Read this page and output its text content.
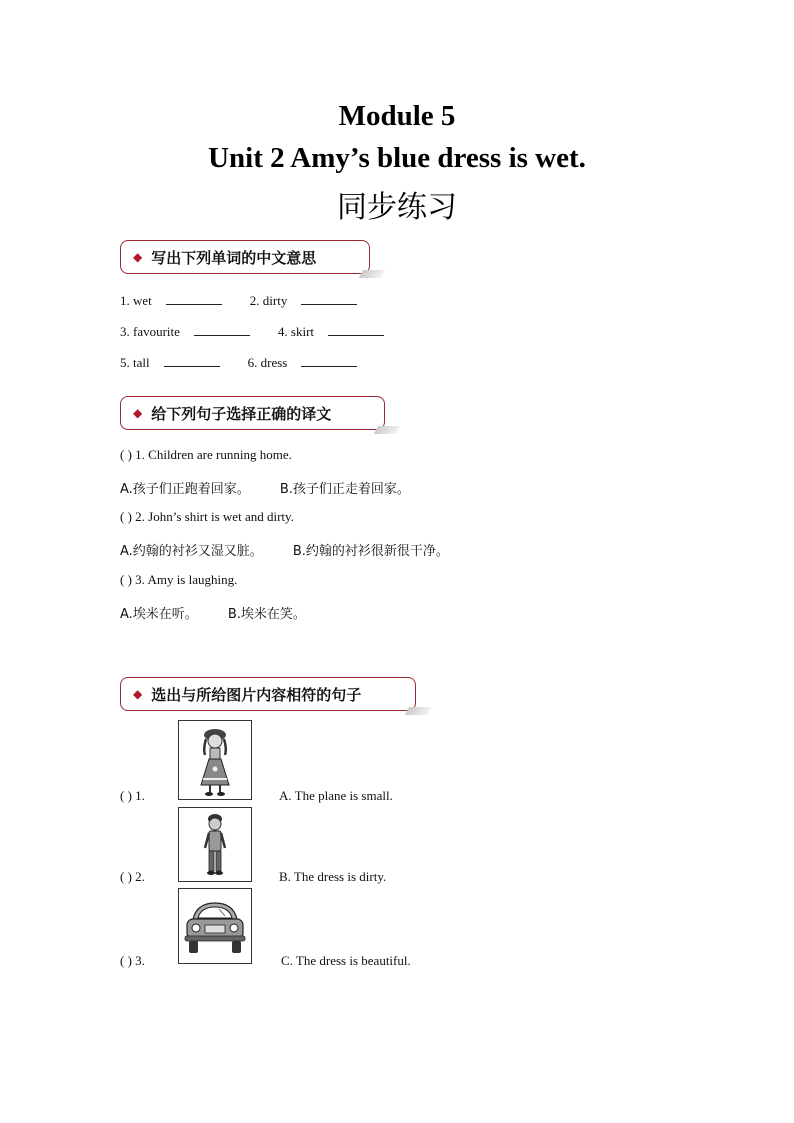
Module 5
Unit 2 Amy’s blue dress is wet.
同步练习
◆ 写出下列单词的中文意思
1. wet	2. dirty
3. favourite	4. skirt
5. tall	6. dress
◆ 给下列句子选择正确的译文
( ) 1. Children are running home.
A.孩子们正跑着回家。 B.孩子们正走着回家。
( ) 2. John’s shirt is wet and dirty.
A.约翰的衬衫又湿又脏。 B.约翰的衬衫很新很干净。
( ) 3. Amy is laughing.
A.埃米在听。 B.埃米在笑。
◆ 选出与所给图片内容相符的句子
( ) 1.	A. The plane is small.
( ) 2.	B. The dress is dirty.
( ) 3.	C. The dress is beautiful.
